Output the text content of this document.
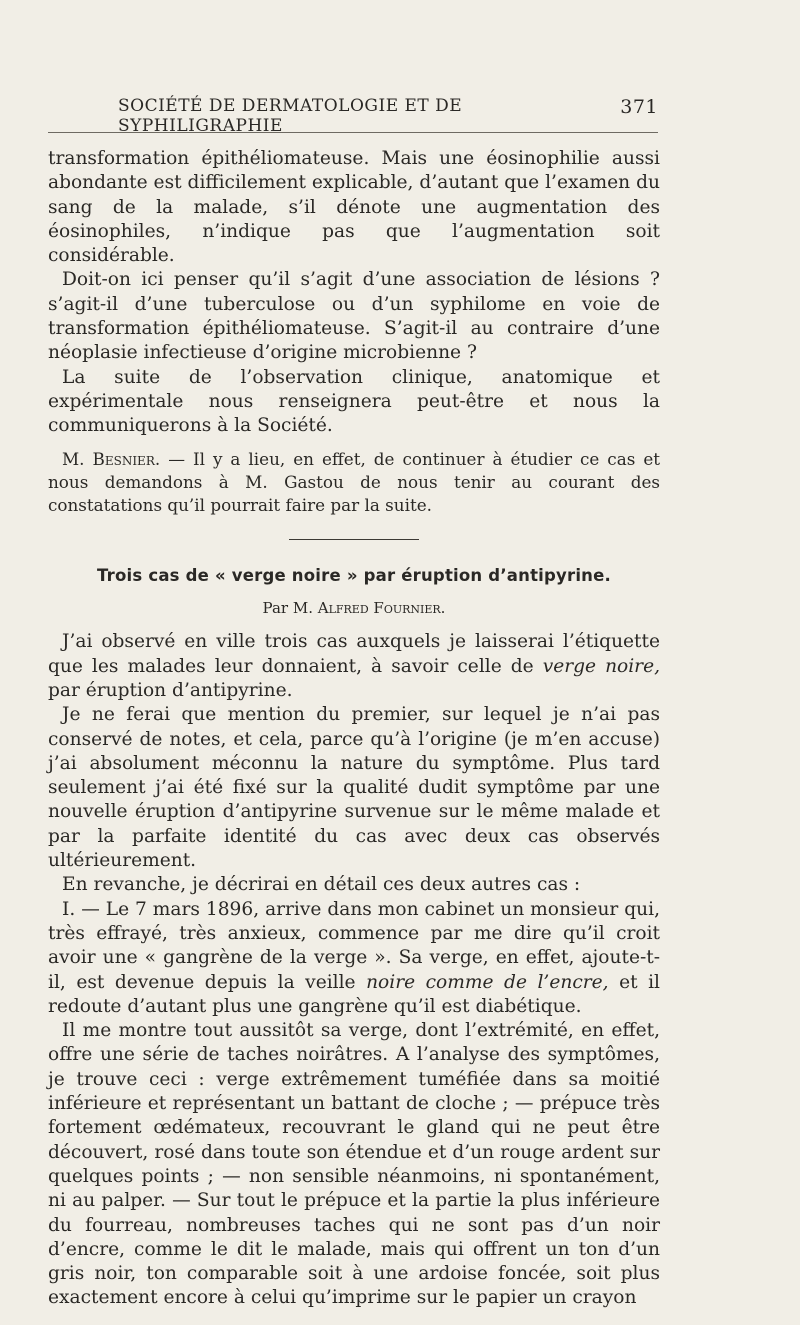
SOCIÉTÉ DE DERMATOLOGIE ET DE SYPHILIGRAPHIE
371

transformation épithéliomateuse. Mais une éosinophilie aussi abondante est difficilement explicable, d’autant que l’examen du sang de la malade, s’il dénote une augmentation des éosinophiles, n’indique pas que l’augmentation soit considérable.

Doit-on ici penser qu’il s’agit d’une association de lésions ? s’agit-il d’une tuberculose ou d’un syphilome en voie de transformation épithéliomateuse. S’agit-il au contraire d’une néoplasie infectieuse d’origine microbienne ?

La suite de l’observation clinique, anatomique et expérimentale nous renseignera peut-être et nous la communiquerons à la Société.

M. Besnier. — Il y a lieu, en effet, de continuer à étudier ce cas et nous demandons à M. Gastou de nous tenir au courant des constatations qu’il pourrait faire par la suite.

Trois cas de « verge noire » par éruption d’antipyrine.

Par M. Alfred Fournier.

J’ai observé en ville trois cas auxquels je laisserai l’étiquette que les malades leur donnaient, à savoir celle de verge noire, par éruption d’antipyrine.

Je ne ferai que mention du premier, sur lequel je n’ai pas conservé de notes, et cela, parce qu’à l’origine (je m’en accuse) j’ai absolument méconnu la nature du symptôme. Plus tard seulement j’ai été fixé sur la qualité dudit symptôme par une nouvelle éruption d’antipyrine survenue sur le même malade et par la parfaite identité du cas avec deux cas observés ultérieurement.

En revanche, je décrirai en détail ces deux autres cas :

I. — Le 7 mars 1896, arrive dans mon cabinet un monsieur qui, très effrayé, très anxieux, commence par me dire qu’il croit avoir une « gangrène de la verge ». Sa verge, en effet, ajoute-t-il, est devenue depuis la veille noire comme de l’encre, et il redoute d’autant plus une gangrène qu’il est diabétique.

Il me montre tout aussitôt sa verge, dont l’extrémité, en effet, offre une série de taches noirâtres. A l’analyse des symptômes, je trouve ceci : verge extrêmement tuméfiée dans sa moitié inférieure et représentant un battant de cloche ; — prépuce très fortement œdémateux, recouvrant le gland qui ne peut être découvert, rosé dans toute son étendue et d’un rouge ardent sur quelques points ; — non sensible néanmoins, ni spontanément, ni au palper. — Sur tout le prépuce et la partie la plus inférieure du fourreau, nombreuses taches qui ne sont pas d’un noir d’encre, comme le dit le malade, mais qui offrent un ton d’un gris noir, ton comparable soit à une ardoise foncée, soit plus exactement encore à celui qu’imprime sur le papier un crayon
